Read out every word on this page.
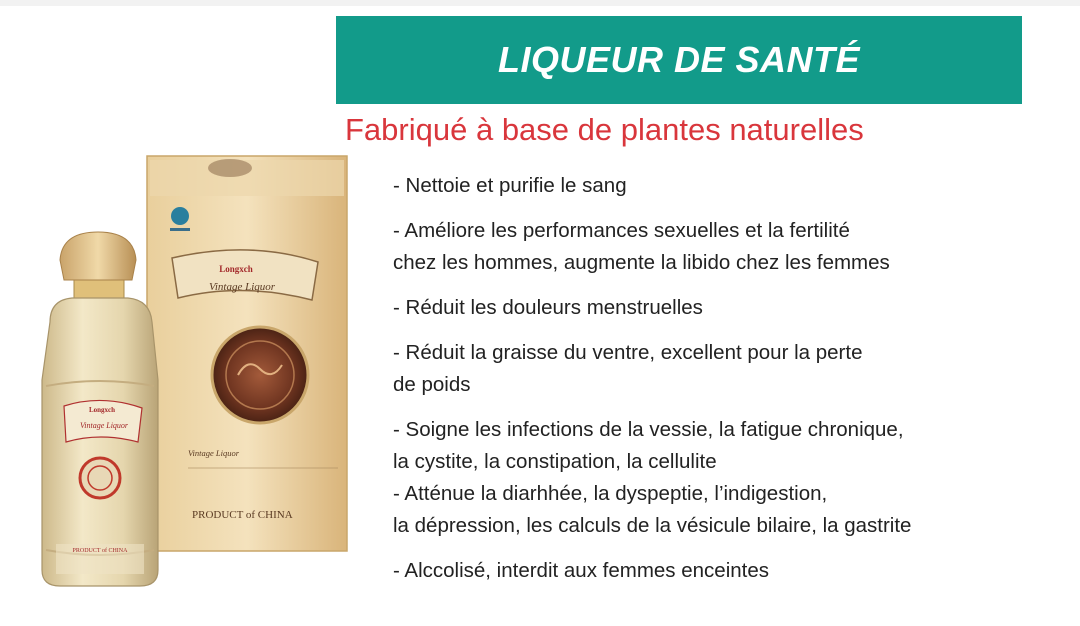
LIQUEUR DE SANTÉ
Fabriqué à base de plantes naturelles
- Nettoie et purifie le sang
- Améliore les performances sexuelles et la fertilité
chez les hommes, augmente la libido chez les femmes
- Réduit les douleurs menstruelles
- Réduit la graisse du ventre, excellent pour la perte
de poids
- Soigne les infections de la vessie, la fatigue chronique,
la cystite, la constipation, la cellulite
- Atténue la diarhhée, la dyspeptie, l’indigestion,
la dépression, les calculs de la vésicule bilaire, la gastrite
- Alccolisé, interdit aux femmes enceintes
Longxch
Vintage Liquor
Vintage Liquor
PRODUCT of CHINA
Longxch
Vintage Liquor
PRODUCT of CHINA
